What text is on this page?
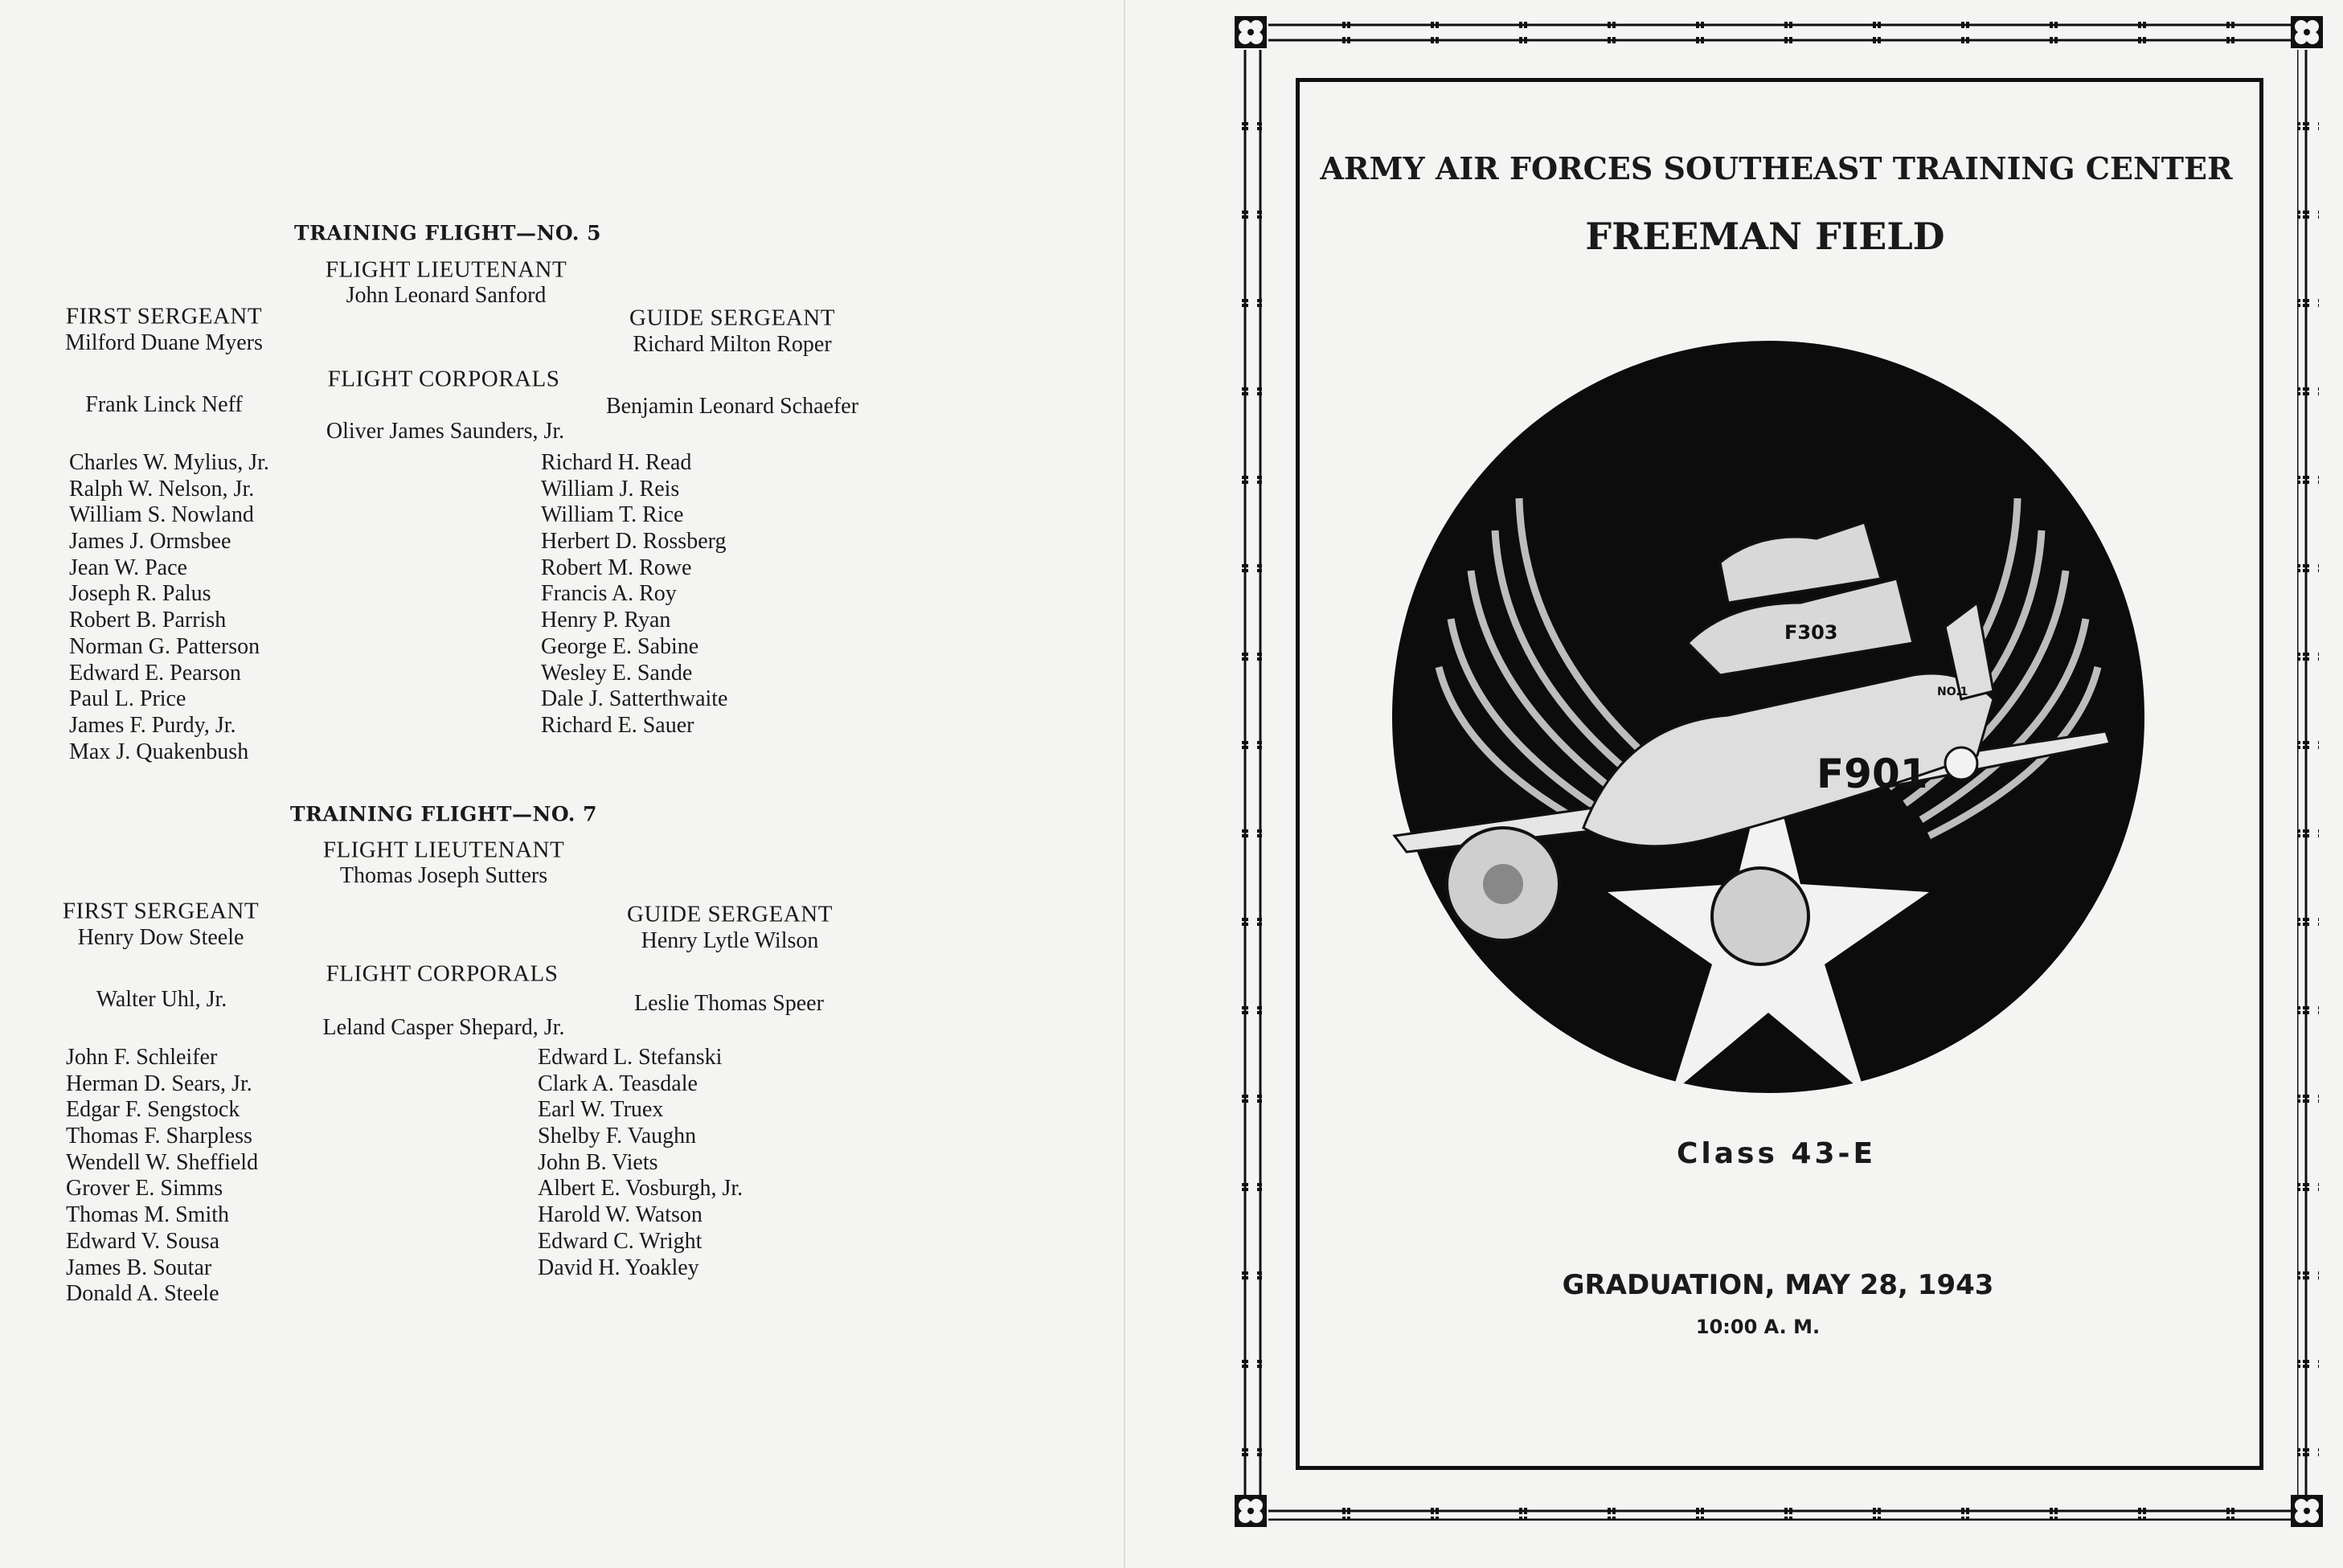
TRAINING FLIGHT—NO. 5
FLIGHT LIEUTENANT
John Leonard Sanford
FIRST SERGEANT
Milford Duane Myers
GUIDE SERGEANT
Richard Milton Roper
FLIGHT CORPORALS
Frank Linck Neff	Benjamin Leonard Schaefer
Oliver James Saunders, Jr.
Charles W. Mylius, Jr.
Ralph W. Nelson, Jr.
William S. Nowland
James J. Ormsbee
Jean W. Pace
Joseph R. Palus
Robert B. Parrish
Norman G. Patterson
Edward E. Pearson
Paul L. Price
James F. Purdy, Jr.
Max J. Quakenbush
Richard H. Read
William J. Reis
William T. Rice
Herbert D. Rossberg
Robert M. Rowe
Francis A. Roy
Henry P. Ryan
George E. Sabine
Wesley E. Sande
Dale J. Satterthwaite
Richard E. Sauer
TRAINING FLIGHT—NO. 7
FLIGHT LIEUTENANT
Thomas Joseph Sutters
FIRST SERGEANT
Henry Dow Steele
GUIDE SERGEANT
Henry Lytle Wilson
FLIGHT CORPORALS
Walter Uhl, Jr.	Leslie Thomas Speer
Leland Casper Shepard, Jr.
John F. Schleifer
Herman D. Sears, Jr.
Edgar F. Sengstock
Thomas F. Sharpless
Wendell W. Sheffield
Grover E. Simms
Thomas M. Smith
Edward V. Sousa
James B. Soutar
Donald A. Steele
Edward L. Stefanski
Clark A. Teasdale
Earl W. Truex
Shelby F. Vaughn
John B. Viets
Albert E. Vosburgh, Jr.
Harold W. Watson
Edward C. Wright
David H. Yoakley
ARMY AIR FORCES SOUTHEAST TRAINING CENTER
FREEMAN FIELD
F901
F303
NO.1
Class 43-E
GRADUATION, MAY 28, 1943
10:00 A. M.
